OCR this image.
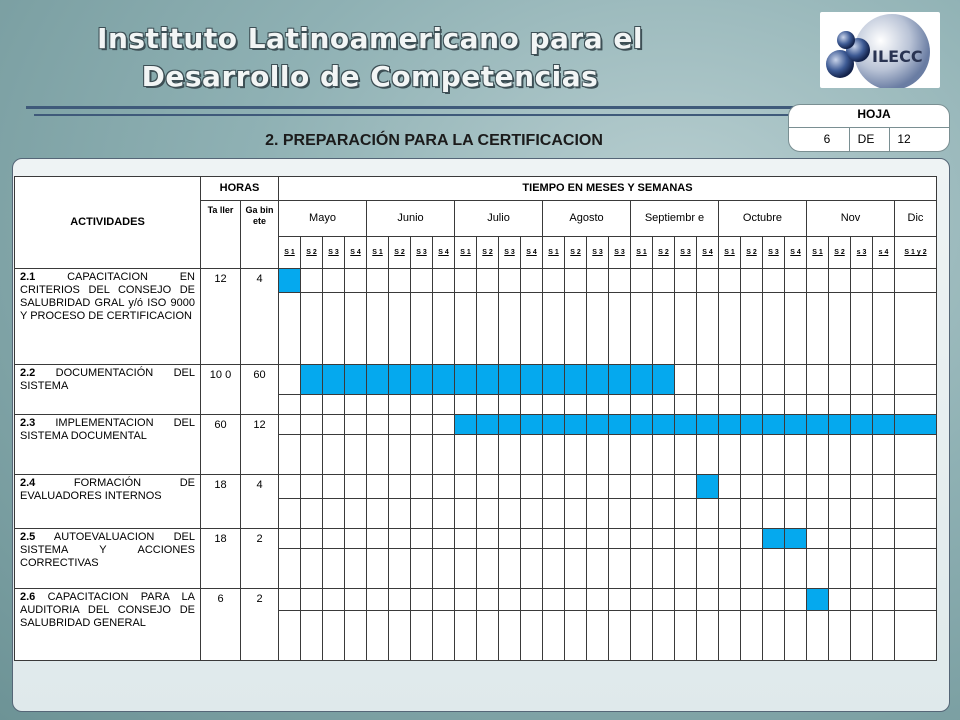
Instituto Latinoamericano para el Desarrollo de Competencias
ILECC
HOJA
6	DE	12
2. PREPARACIÓN PARA LA CERTIFICACION
ACTIVIDADES	HORAS		TIEMPO EN MESES Y SEMANAS																												
	Ta ller	Ga bin ete	Mayo				Junio				Julio				Agosto				Septiembr e				Octubre				Nov				Dic
			S 1	S 2	S 3	S 4	S 1	S 2	S 3	S 4	S 1	S 2	S 3	S 4	S 1	S 2	S 3	S 3	S 1	S 2	S 3	S 4	S 1	S 2	S 3	S 4	S 1	S 2	s 3	s 4	S 1 y 2
2.1 CAPACITACION EN CRITERIOS DEL CONSEJO DE SALUBRIDAD GRAL y/ó ISO 9000 Y PROCESO DE CERTIFICACION	12	4																													

2.2 DOCUMENTACIÓN DEL SISTEMA	10 0	60																													

2.3 IMPLEMENTACION DEL SISTEMA DOCUMENTAL	60	12																													

2.4 FORMACIÓN DE EVALUADORES INTERNOS	18	4																													

2.5 AUTOEVALUACION DEL SISTEMA Y ACCIONES CORRECTIVAS	18	2																													

2.6 CAPACITACION PARA LA AUDITORIA DEL CONSEJO DE SALUBRIDAD GENERAL	6	2																													
